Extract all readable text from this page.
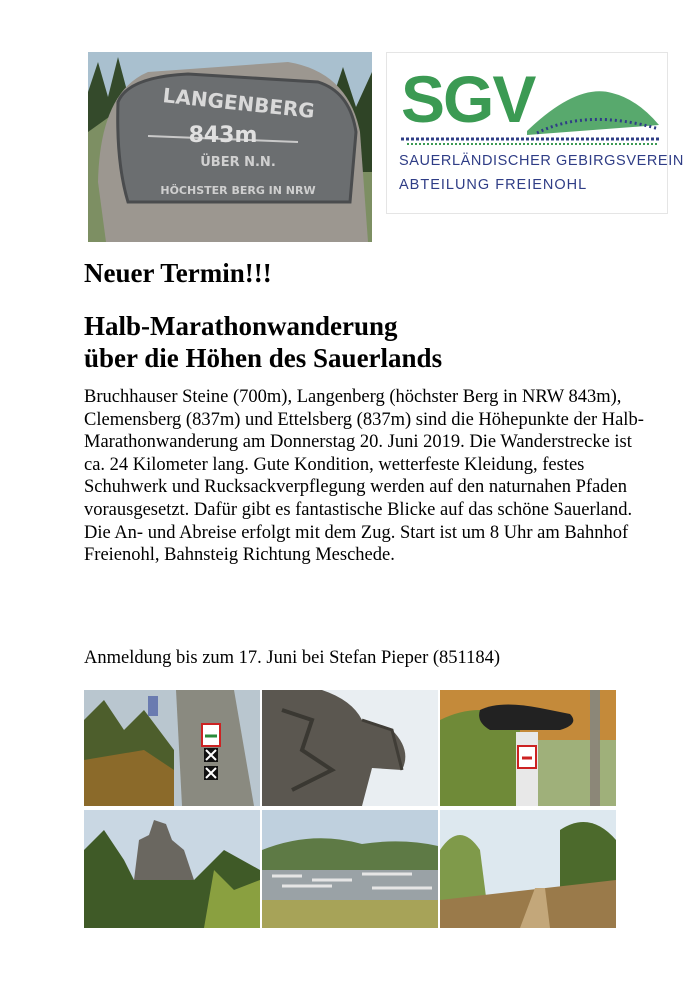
LANGENBERG
843m
ÜBER N.N.
HÖCHSTER BERG IN NRW
SGV
SAUERLÄNDISCHER GEBIRGSVEREIN
ABTEILUNG FREIENOHL
Neuer Termin!!!
Halb-Marathonwanderung
über die Höhen des Sauerlands

Bruchhauser Steine (700m), Langenberg (höchster Berg in NRW 843m), Clemensberg (837m) und Ettelsberg (837m) sind die Höhepunkte der Halb-Marathonwanderung am Donnerstag 20. Juni 2019. Die Wanderstrecke ist ca. 24 Kilometer lang. Gute Kondition, wetterfeste Kleidung, festes Schuhwerk und Rucksackverpflegung werden auf den naturnahen Pfaden vorausgesetzt. Dafür gibt es fantastische Blicke auf das schöne Sauerland. Die An- und Abreise erfolgt mit dem Zug. Start ist um 8 Uhr am Bahnhof Freienohl, Bahnsteig Richtung Meschede.

Anmeldung bis zum 17. Juni bei Stefan Pieper (851184)
